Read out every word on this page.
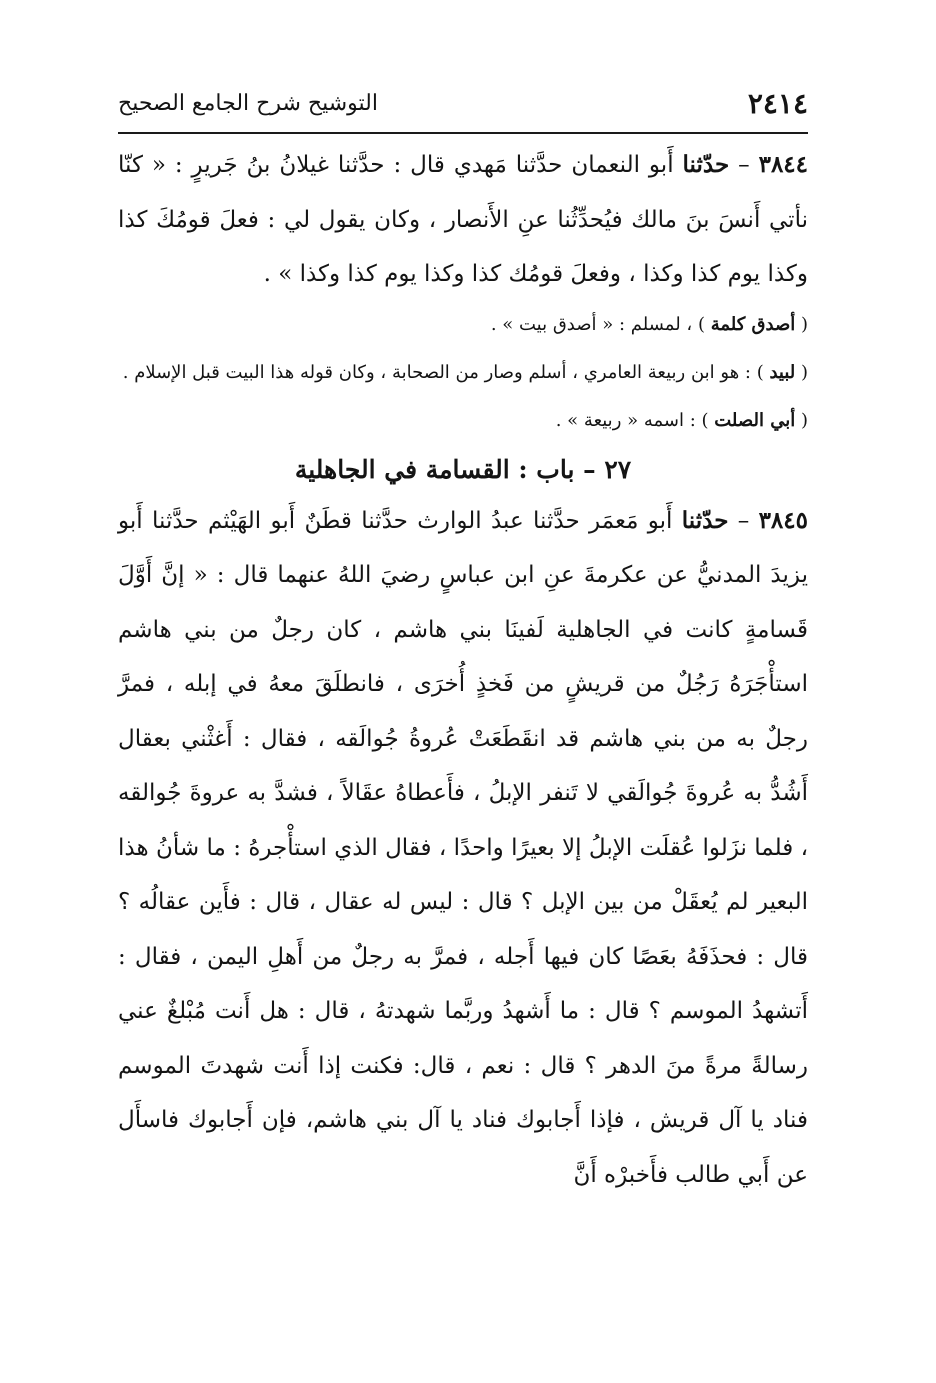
٢٤١٤
التوشيح شرح الجامع الصحيح

٣٨٤٤ – حدّثنا أَبو النعمان حدَّثنا مَهدي قال : حدَّثنا غيلانُ بنُ جَريرٍ : « كنّا نأتي أَنسَ بنَ مالك فيُحدِّثُنا عنِ الأَنصار ، وكان يقول لي : فعلَ قومُكَ كذا وكذا يوم كذا وكذا ، وفعلَ قومُك كذا وكذا يوم كذا وكذا » .

( أصدق كلمة ) ، لمسلم : « أصدق بيت » .

( لبيد ) : هو ابن ربيعة العامري ، أسلم وصار من الصحابة ، وكان قوله هذا البيت قبل الإسلام .

( أبي الصلت ) : اسمه « ربيعة » .

٢٧ – باب : القسامة في الجاهلية

٣٨٤٥ – حدّثنا أَبو مَعمَر حدَّثنا عبدُ الوارث حدَّثنا قطَنٌ أَبو الهَيْثم حدَّثنا أَبو يزيدَ المدنيُّ عن عكرمةَ عنِ ابن عباسٍ رضيَ اللهُ عنهما قال : « إنَّ أَوَّلَ قَسامةٍ كانت في الجاهلية لَفينَا بني هاشم ، كان رجلٌ من بني هاشم استأْجَرَهُ رَجُلٌ من قريشٍ من فَخذٍ أُخرَى ، فانطلَقَ معهُ في إبله ، فمرَّ رجلٌ به من بني هاشم قد انقَطَعَتْ عُروةُ جُوالَقه ، فقال : أَغثْني بعقال أَشُدُّ به عُروةَ جُوالَقي لا تَنفر الإبلُ ، فأَعطاهُ عقَالاً ، فشدَّ به عروةَ جُوالقه ، فلما نزَلوا عُقلَت الإبلُ إلا بعيرًا واحدًا ، فقال الذي استأْجرهُ : ما شأنُ هذا البعير لم يُعقَلْ من بين الإبل ؟ قال : ليس له عقال ، قال : فأَين عقالُه ؟ قال : فحذَفَهُ بعَصًا كان فيها أَجله ، فمرَّ به رجلٌ من أَهلِ اليمن ، فقال : أَتشهدُ الموسم ؟ قال : ما أَشهدُ وربَّما شهدتهُ ، قال : هل أَنت مُبْلغٌ عني رسالةً مرةً منَ الدهر ؟ قال : نعم ، قال: فكنت إذا أَنت شهدتَ الموسم فناد يا آل قريش ، فإذا أَجابوك فناد يا آل بني هاشم، فإن أَجابوك فاسأَل عن أَبي طالب فأَخبرْه أَنَّ
